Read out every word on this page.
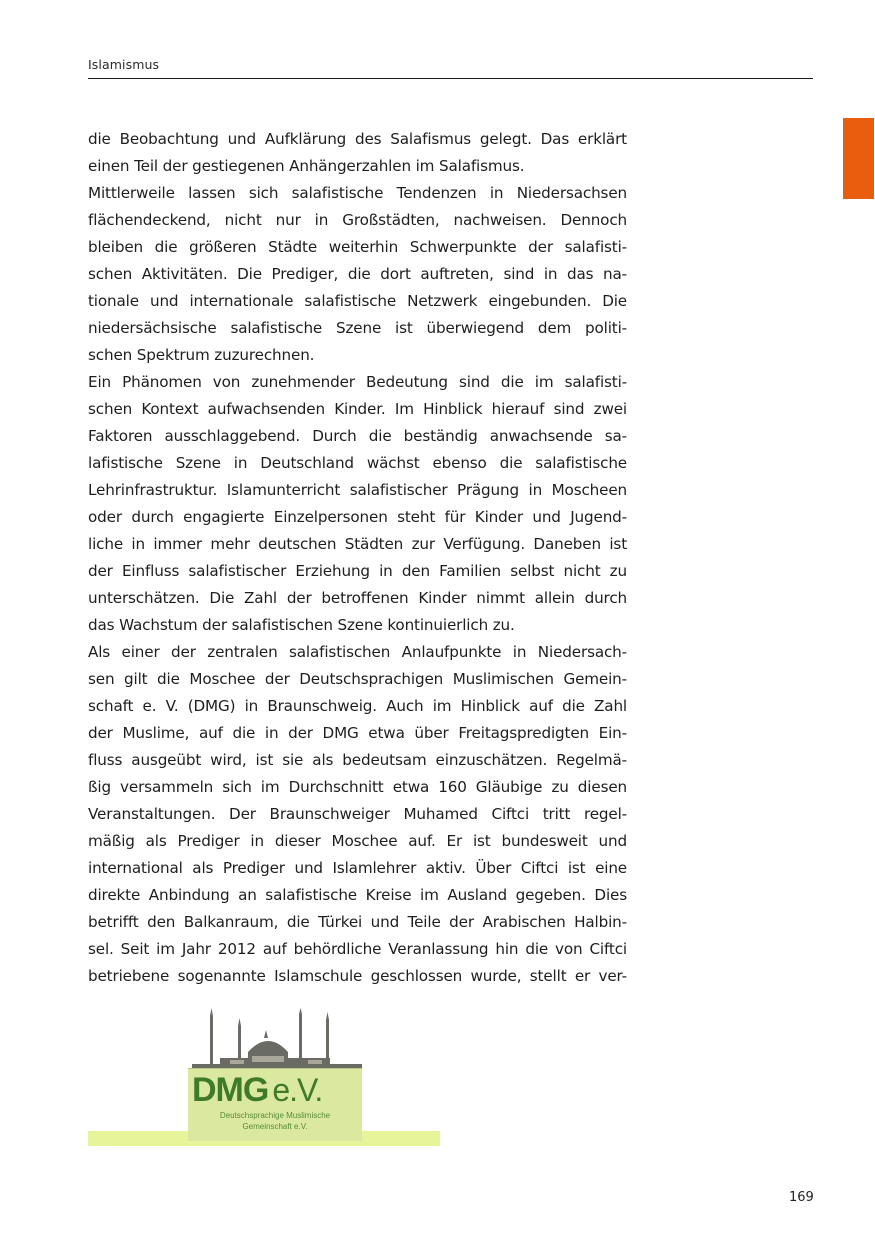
Islamismus
die Beobachtung und Aufklärung des Salafismus gelegt. Das erklärt
einen Teil der gestiegenen Anhängerzahlen im Salafismus.
Mittlerweile lassen sich salafistische Tendenzen in Niedersachsen
flächendeckend, nicht nur in Großstädten, nachweisen. Dennoch
bleiben die größeren Städte weiterhin Schwerpunkte der salafisti-
schen Aktivitäten. Die Prediger, die dort auftreten, sind in das na-
tionale und internationale salafistische Netzwerk eingebunden. Die
niedersächsische salafistische Szene ist überwiegend dem politi-
schen Spektrum zuzurechnen.
Ein Phänomen von zunehmender Bedeutung sind die im salafisti-
schen Kontext aufwachsenden Kinder. Im Hinblick hierauf sind zwei
Faktoren ausschlaggebend. Durch die beständig anwachsende sa-
lafistische Szene in Deutschland wächst ebenso die salafistische
Lehrinfrastruktur. Islamunterricht salafistischer Prägung in Moscheen
oder durch engagierte Einzelpersonen steht für Kinder und Jugend-
liche in immer mehr deutschen Städten zur Verfügung. Daneben ist
der Einfluss salafistischer Erziehung in den Familien selbst nicht zu
unterschätzen. Die Zahl der betroffenen Kinder nimmt allein durch
das Wachstum der salafistischen Szene kontinuierlich zu.
Als einer der zentralen salafistischen Anlaufpunkte in Niedersach-
sen gilt die Moschee der Deutschsprachigen Muslimischen Gemein-
schaft e. V. (DMG) in Braunschweig. Auch im Hinblick auf die Zahl
der Muslime, auf die in der DMG etwa über Freitagspredigten Ein-
fluss ausgeübt wird, ist sie als bedeutsam einzuschätzen. Regelmä-
ßig versammeln sich im Durchschnitt etwa 160 Gläubige zu diesen
Veranstaltungen. Der Braunschweiger Muhamed Ciftci tritt regel-
mäßig als Prediger in dieser Moschee auf. Er ist bundesweit und
international als Prediger und Islamlehrer aktiv. Über Ciftci ist eine
direkte Anbindung an salafistische Kreise im Ausland gegeben. Dies
betrifft den Balkanraum, die Türkei und Teile der Arabischen Halbin-
sel. Seit im Jahr 2012 auf behördliche Veranlassung hin die von Ciftci
betriebene sogenannte Islamschule geschlossen wurde, stellt er ver-
DMG e.V.
Deutschsprachige Muslimische
Gemeinschaft e.V.
169
